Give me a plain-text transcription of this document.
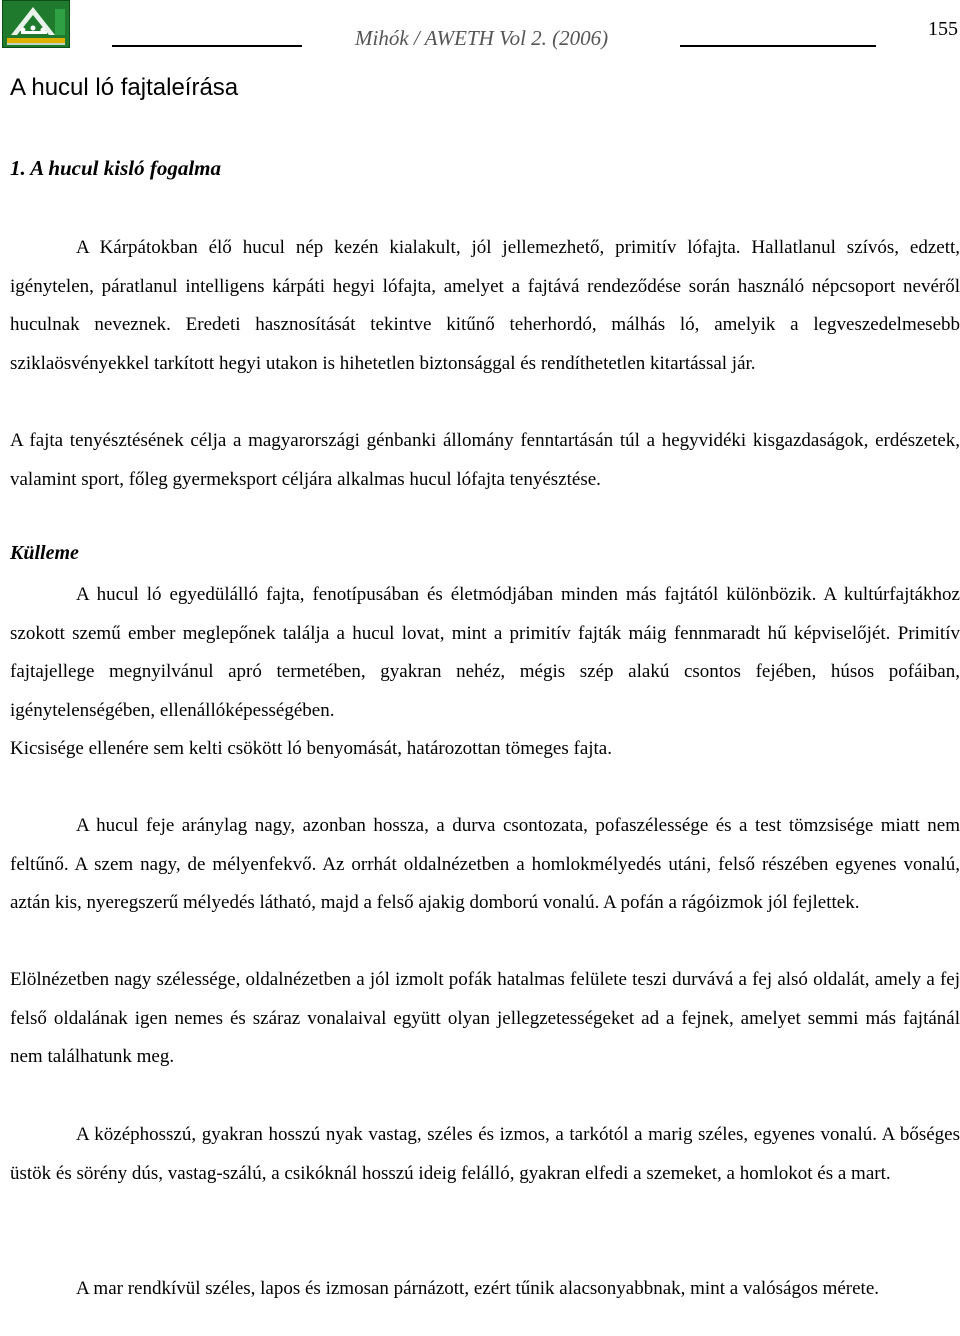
Mihók / AWETH Vol 2. (2006)	155
A hucul ló fajtaleírása
1. A hucul kisló fogalma

A Kárpátokban élő hucul nép kezén kialakult, jól jellemezhető, primitív lófajta. Hallatlanul szívós, edzett, igénytelen, páratlanul intelligens kárpáti hegyi lófajta, amelyet a fajtává rendeződése során használó népcsoport nevéről huculnak neveznek. Eredeti hasznosítását tekintve kitűnő teherhordó, málhás ló, amelyik a legveszedelmesebb sziklaösvényekkel tarkított hegyi utakon is hihetetlen biztonsággal és rendíthetetlen kitartással jár.

A fajta tenyésztésének célja a magyarországi génbanki állomány fenntartásán túl a hegyvidéki kisgazdaságok, erdészetek, valamint sport, főleg gyermeksport céljára alkalmas hucul lófajta tenyésztése.

Külleme

A hucul ló egyedülálló fajta, fenotípusában és életmódjában minden más fajtától különbözik. A kultúrfajtákhoz szokott szemű ember meglepőnek találja a hucul lovat, mint a primitív fajták máig fennmaradt hű képviselőjét. Primitív fajtajellege megnyilvánul apró termetében, gyakran nehéz, mégis szép alakú csontos fejében, húsos pofáiban, igénytelenségében, ellenállóképességében.

Kicsisége ellenére sem kelti csökött ló benyomását, határozottan tömeges fajta.

A hucul feje aránylag nagy, azonban hossza, a durva csontozata, pofaszélessége és a test tömzsisége miatt nem feltűnő. A szem nagy, de mélyenfekvő. Az orrhát oldalnézetben a homlokmélyedés utáni, felső részében egyenes vonalú, aztán kis, nyeregszerű mélyedés látható, majd a felső ajakig domború vonalú. A pofán a rágóizmok jól fejlettek.

Elölnézetben nagy szélessége, oldalnézetben a jól izmolt pofák hatalmas felülete teszi durvává a fej alsó oldalát, amely a fej felső oldalának igen nemes és száraz vonalaival együtt olyan jellegzetességeket ad a fejnek, amelyet semmi más fajtánál nem találhatunk meg.

A középhosszú, gyakran hosszú nyak vastag, széles és izmos, a tarkótól a marig széles, egyenes vonalú. A bőséges üstök és sörény dús, vastag-szálú, a csikóknál hosszú ideig felálló, gyakran elfedi a szemeket, a homlokot és a mart.

A mar rendkívül széles, lapos és izmosan párnázott, ezért tűnik alacsonyabbnak, mint a valóságos mérete.
